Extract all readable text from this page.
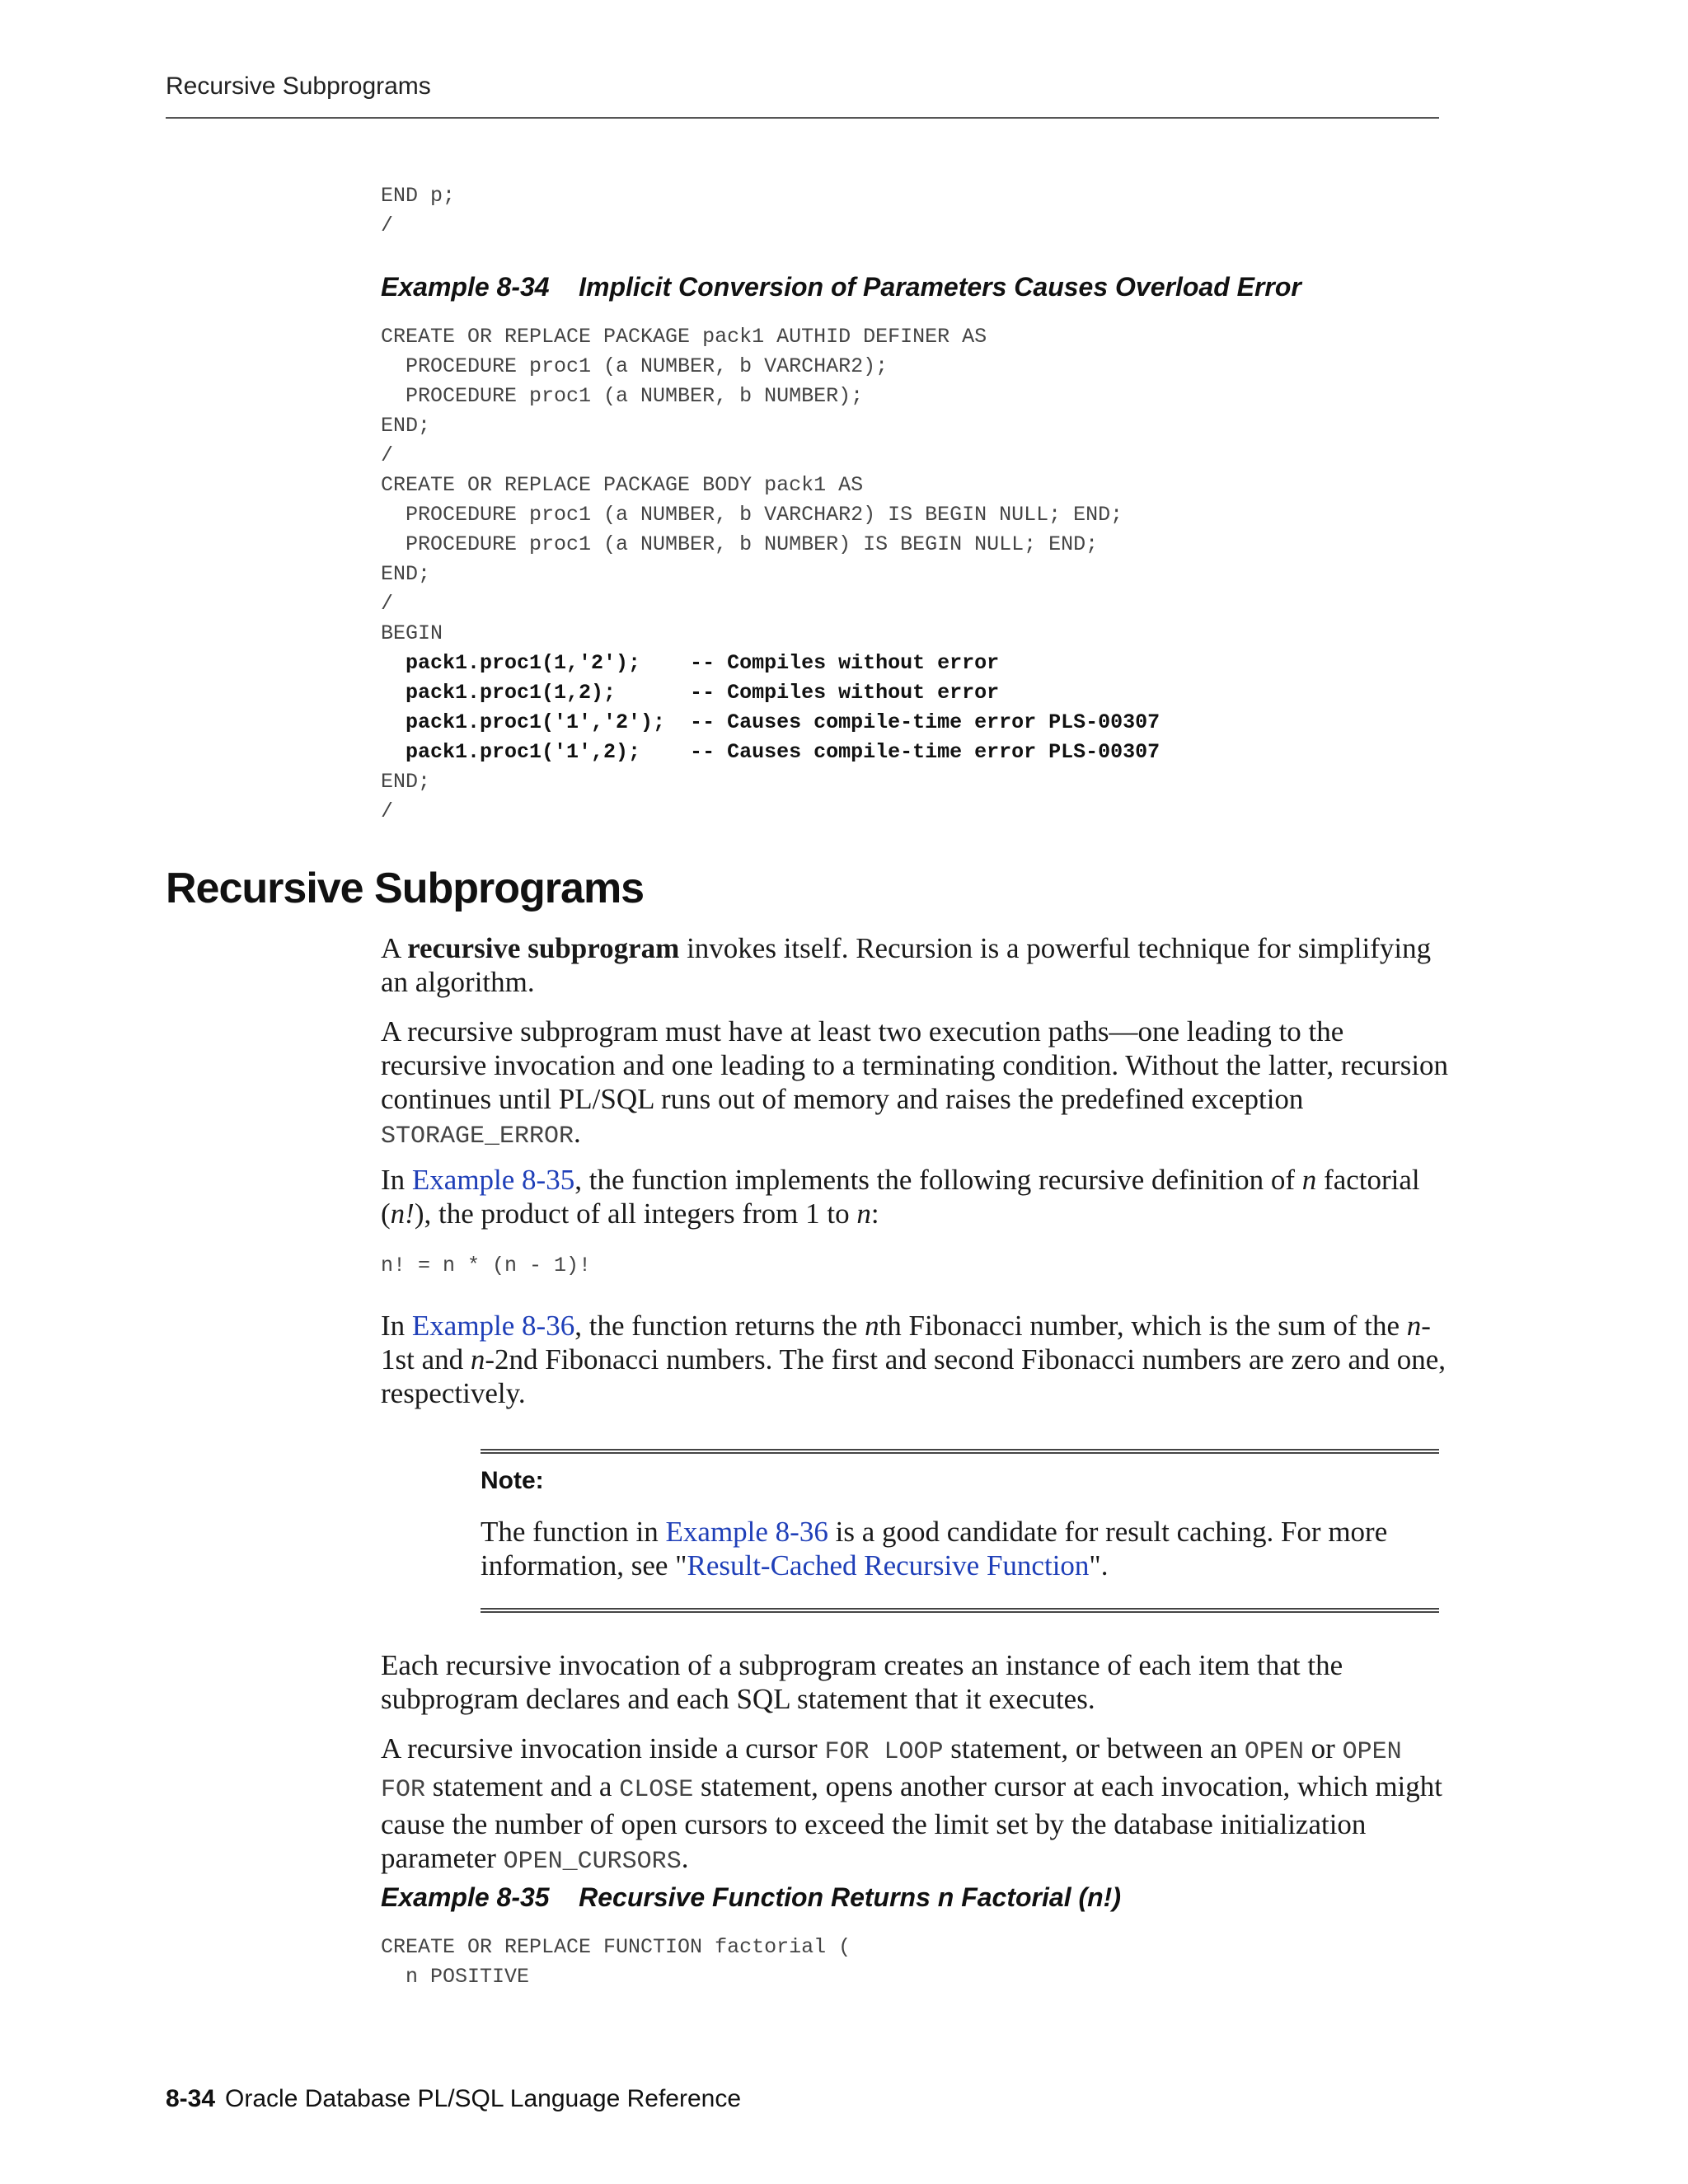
Recursive Subprograms
END p;
/
Example 8-34    Implicit Conversion of Parameters Causes Overload Error
CREATE OR REPLACE PACKAGE pack1 AUTHID DEFINER AS
PROCEDURE proc1 (a NUMBER, b VARCHAR2);
PROCEDURE proc1 (a NUMBER, b NUMBER);
END;
/
CREATE OR REPLACE PACKAGE BODY pack1 AS
PROCEDURE proc1 (a NUMBER, b VARCHAR2) IS BEGIN NULL; END;
PROCEDURE proc1 (a NUMBER, b NUMBER) IS BEGIN NULL; END;
END;
/
BEGIN
pack1.proc1(1,'2');    -- Compiles without error
pack1.proc1(1,2);      -- Compiles without error
pack1.proc1('1','2');  -- Causes compile-time error PLS-00307
pack1.proc1('1',2);    -- Causes compile-time error PLS-00307
END;
/
Recursive Subprograms

A recursive subprogram invokes itself. Recursion is a powerful technique for simplifying an algorithm.

A recursive subprogram must have at least two execution paths—one leading to the recursive invocation and one leading to a terminating condition. Without the latter, recursion continues until PL/SQL runs out of memory and raises the predefined exception STORAGE_ERROR.

In Example 8-35, the function implements the following recursive definition of n factorial (n!), the product of all integers from 1 to n:

n! = n * (n - 1)!

In Example 8-36, the function returns the nth Fibonacci number, which is the sum of the n-1st and n-2nd Fibonacci numbers. The first and second Fibonacci numbers are zero and one, respectively.

Note:

The function in Example 8-36 is a good candidate for result caching. For more information, see "Result-Cached Recursive Function".

Each recursive invocation of a subprogram creates an instance of each item that the subprogram declares and each SQL statement that it executes.

A recursive invocation inside a cursor FOR LOOP statement, or between an OPEN or OPEN FOR statement and a CLOSE statement, opens another cursor at each invocation, which might cause the number of open cursors to exceed the limit set by the database initialization parameter OPEN_CURSORS.

Example 8-35    Recursive Function Returns n Factorial (n!)
CREATE OR REPLACE FUNCTION factorial (
n POSITIVE
8-34 Oracle Database PL/SQL Language Reference
